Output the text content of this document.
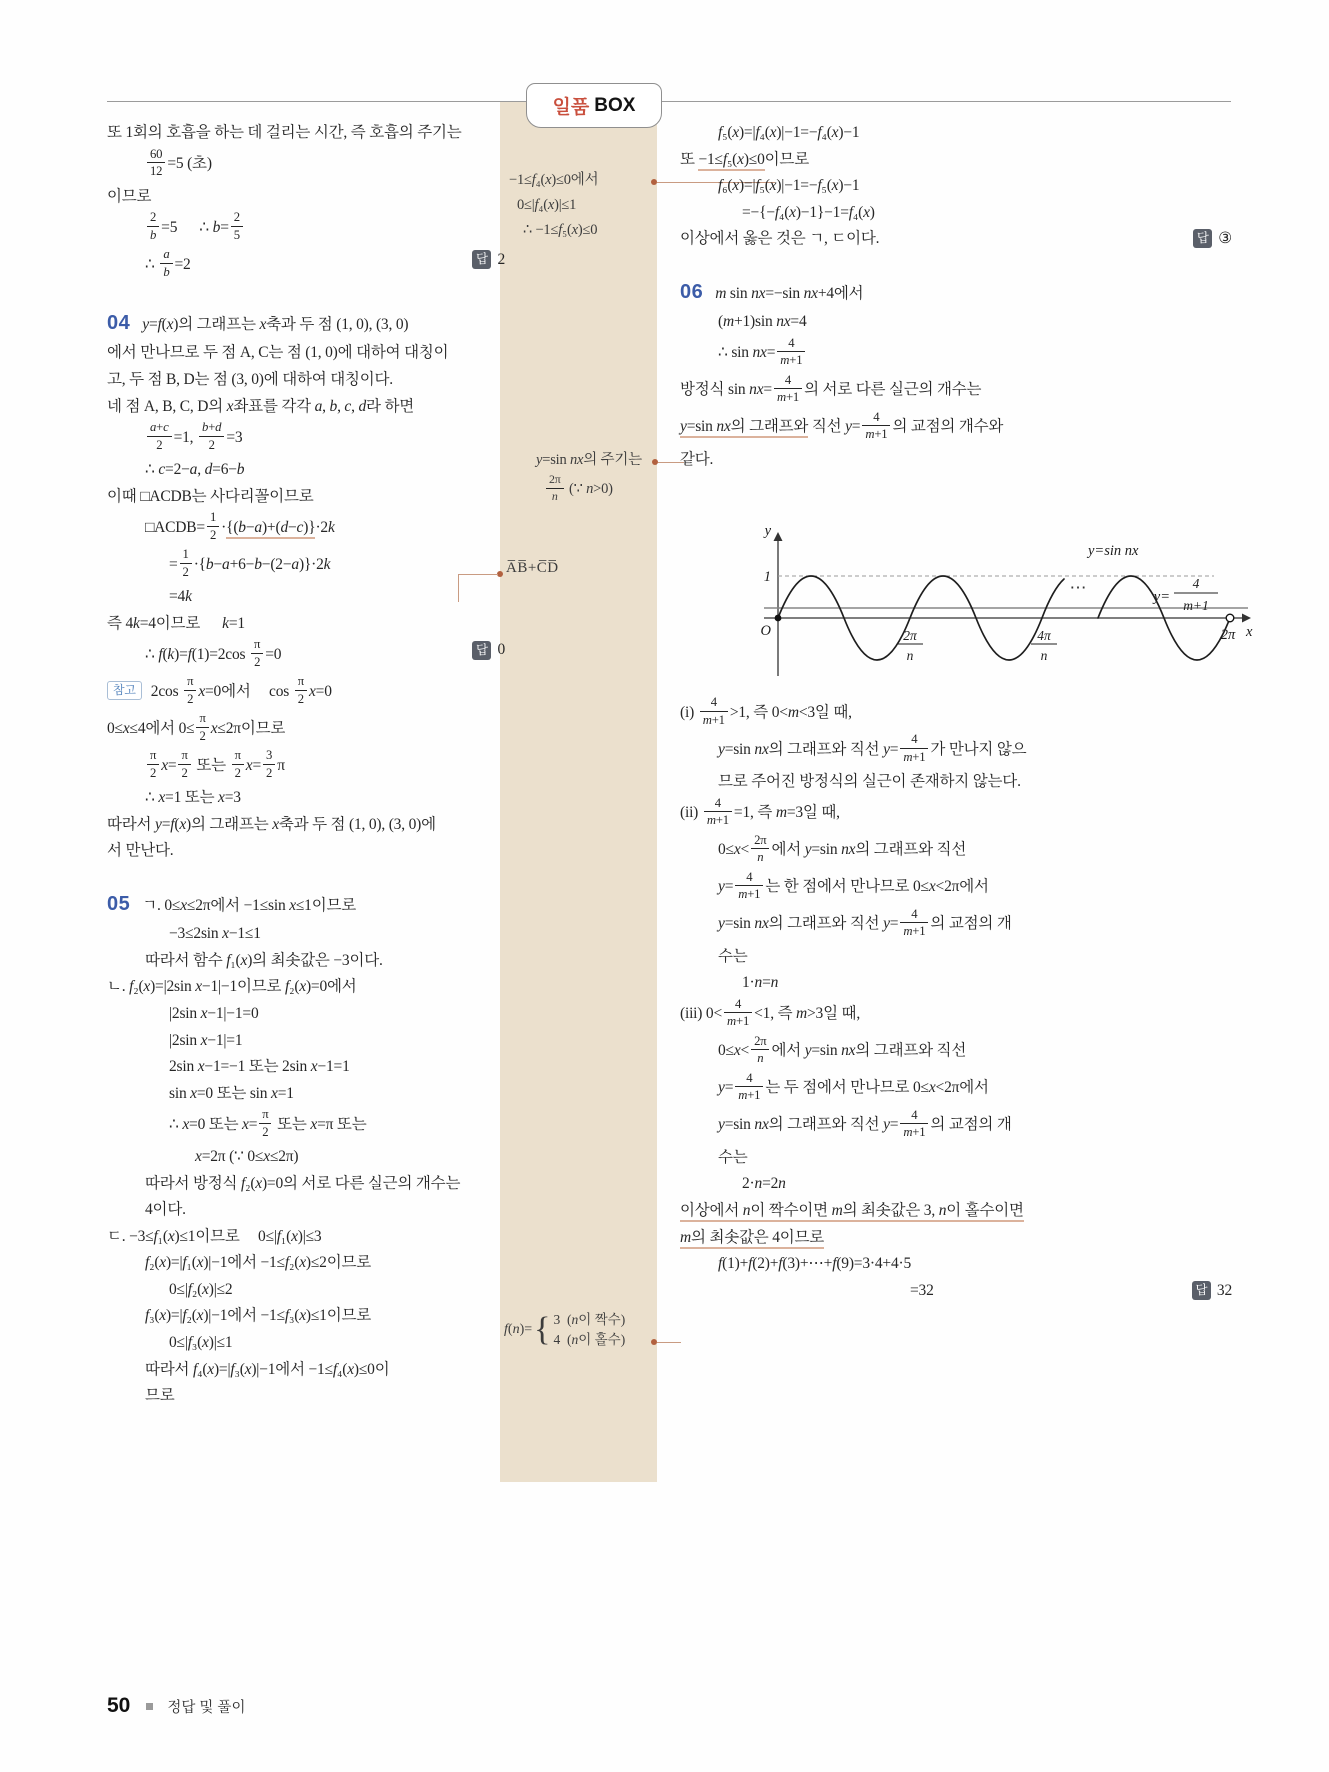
일품 BOX
또 1회의 호흡을 하는 데 걸리는 시간, 즉 호흡의 주기는
$\frac{60}{12} =5$ (초)
이므로
$\frac{2}{b} =5$      ∴ $b= \frac{2}{5}$
답 2
∴ $\frac{a}{b} =2$
04 y=f(x)의 그래프는 x축과 두 점 (1, 0), (3, 0)
에서 만나므로 두 점 A, C는 점 (1, 0)에 대하여 대칭이
고, 두 점 B, D는 점 (3, 0)에 대하여 대칭이다.
네 점 A, B, C, D의 x좌표를 각각 a, b, c, d라 하면
$\frac{a+c}{2} =1$, $\frac{b+d}{2} =3$
∴ c=2−a, d=6−b
이때 □ACDB는 사다리꼴이므로
□ACDB= $\frac{1}{2} \cdot\{(b-a)+(d-c)\}\cdot 2k$
= $\frac{1}{2} \cdot\{b-a+6-b-(2-a)\}\cdot 2k$
=4k
즉 4k=4이므로      k=1
답 0
∴ $f(k)=f(1)=2\cos \frac{\pi}{2} =0$
참고 $2\cos \frac{\pi}{2} x=0$에서     $\cos \frac{\pi}{2} x=0$
0≤x≤4에서 $0\le \frac{\pi}{2} x\le 2\pi$이므로
$\frac{\pi}{2} x= \frac{\pi}{2}$ 또는 $\frac{\pi}{2} x= \frac{3}{2}$ π
∴ x=1 또는 x=3
따라서 y=f(x)의 그래프는 x축과 두 점 (1, 0), (3, 0)에
서 만난다.
05 ㄱ. 0≤x≤2π에서 −1≤sin x≤1이므로
−3≤2sin x−1≤1
따라서 함수 f₁(x)의 최솟값은 −3이다.
ㄴ. f₂(x)=|2sin x−1|−1이므로 f₂(x)=0에서
|2sin x−1|−1=0
|2sin x−1|=1
2sin x−1=−1 또는 2sin x−1=1
sin x=0 또는 sin x=1
∴ x=0 또는 $x= \frac{\pi}{2}$ 또는 x=π 또는
x=2π (∵ 0≤x≤2π)
따라서 방정식 f₂(x)=0의 서로 다른 실근의 개수는
4이다.
ㄷ. −3≤f₁(x)≤1이므로     0≤|f₁(x)|≤3
f₂(x)=|f₁(x)|−1에서 −1≤f₂(x)≤2이므로
0≤|f₂(x)|≤2
f₃(x)=|f₂(x)|−1에서 −1≤f₃(x)≤1이므로
0≤|f₃(x)|≤1
따라서 f₄(x)=|f₃(x)|−1에서 −1≤f₄(x)≤0이
므로
f₅(x)=|f₄(x)|−1=−f₄(x)−1
또 −1≤f₅(x)≤0이므로
f₆(x)=|f₅(x)|−1=−f₅(x)−1
=−{−f₄(x)−1}−1=f₄(x)
답 ③
이상에서 옳은 것은 ㄱ, ㄷ이다.
06 m sin nx=−sin nx+4에서
(m+1)sin nx=4
∴ $\sin nx= \frac{4}{m+1}$
방정식 $\sin nx= \frac{4}{m+1}$ 의 서로 다른 실근의 개수는
y=sin nx의 그래프와 직선 $y= \frac{4}{m+1}$ 의 교점의 개수와
같다.
y
1
O	x
y=sin nx
y=
4
m+1
2π
n
4π
n
2π
⋯
$(i) \frac{4}{m+1} >1$, 즉 0<m<3일 때,
y=sin nx의 그래프와 직선 $y= \frac{4}{m+1}$ 가 만나지 않으
므로 주어진 방정식의 실근이 존재하지 않는다.
$(ii) \frac{4}{m+1} =1$, 즉 m=3일 때,
$0\le x< \frac{2\pi}{n}$ 에서 y=sin nx의 그래프와 직선
$y= \frac{4}{m+1}$ 는 한 점에서 만나므로 0≤x<2π에서
y=sin nx의 그래프와 직선 $y= \frac{4}{m+1}$ 의 교점의 개
수는
1·n=n
(iii) $0< \frac{4}{m+1} <1$, 즉 m>3일 때,
$0\le x< \frac{2\pi}{n}$ 에서 y=sin nx의 그래프와 직선
$y= \frac{4}{m+1}$ 는 두 점에서 만나므로 0≤x<2π에서
y=sin nx의 그래프와 직선 $y= \frac{4}{m+1}$ 의 교점의 개
수는
2·n=2n
이상에서 n이 짝수이면 m의 최솟값은 3, n이 홀수이면
m의 최솟값은 4이므로
f(1)+f(2)+f(3)+⋯+f(9)=3·4+4·5
답 32
=32
−1≤f₄(x)≤0에서
0≤|f₄(x)|≤1
∴ −1≤f₅(x)≤0
y=sin nx의 주기는
$\frac{2\pi}{n}$ (∵ n>0)
A̅B̅+C̅D̅
f(n)= { 3  (n이 짝수)
4  (n이 홀수)
50	정답 및 풀이
